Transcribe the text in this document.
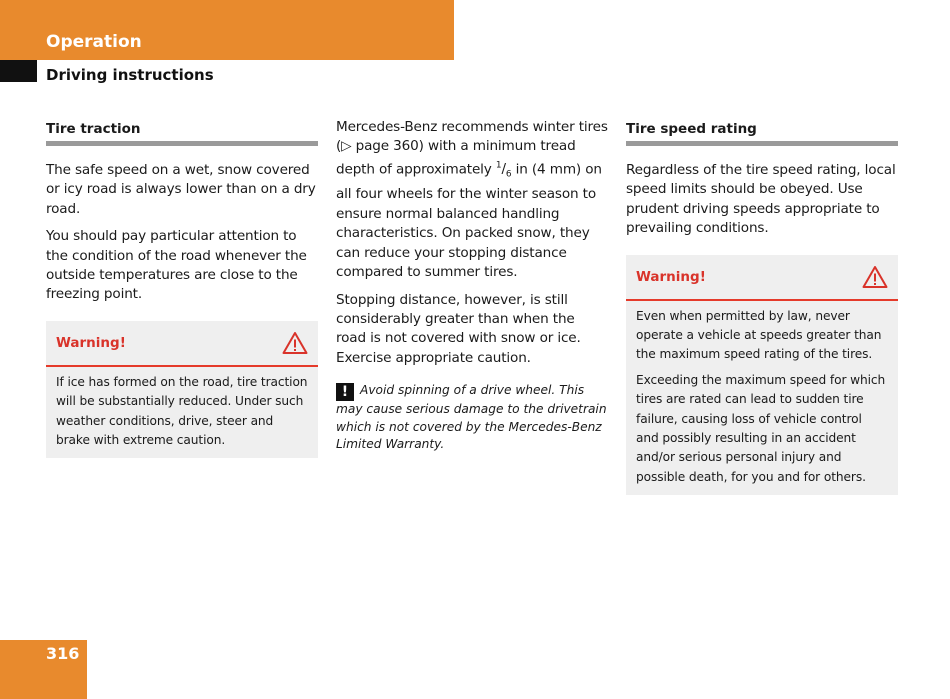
Operation
Driving instructions
Tire traction

The safe speed on a wet, snow covered or icy road is always lower than on a dry road.

You should pay particular attention to the condition of the road whenever the outside temperatures are close to the freezing point.

Warning!

If ice has formed on the road, tire traction will be substantially reduced. Under such weather conditions, drive, steer and brake with extreme caution.

Mercedes-Benz recommends winter tires (▷ page 360) with a minimum tread depth of approximately $^1/_6$ in (4 mm) on all four wheels for the winter season to ensure normal balanced handling characteristics. On packed snow, they can reduce your stopping distance compared to summer tires.

Stopping distance, however, is still considerably greater than when the road is not covered with snow or ice. Exercise appropriate caution.

! Avoid spinning of a drive wheel. This may cause serious damage to the drivetrain which is not covered by the Mercedes-Benz Limited Warranty.
Tire speed rating

Regardless of the tire speed rating, local speed limits should be obeyed. Use prudent driving speeds appropriate to prevailing conditions.

Warning!

Even when permitted by law, never operate a vehicle at speeds greater than the maximum speed rating of the tires.

Exceeding the maximum speed for which tires are rated can lead to sudden tire failure, causing loss of vehicle control and possibly resulting in an accident and/or serious personal injury and possible death, for you and for others.

316
